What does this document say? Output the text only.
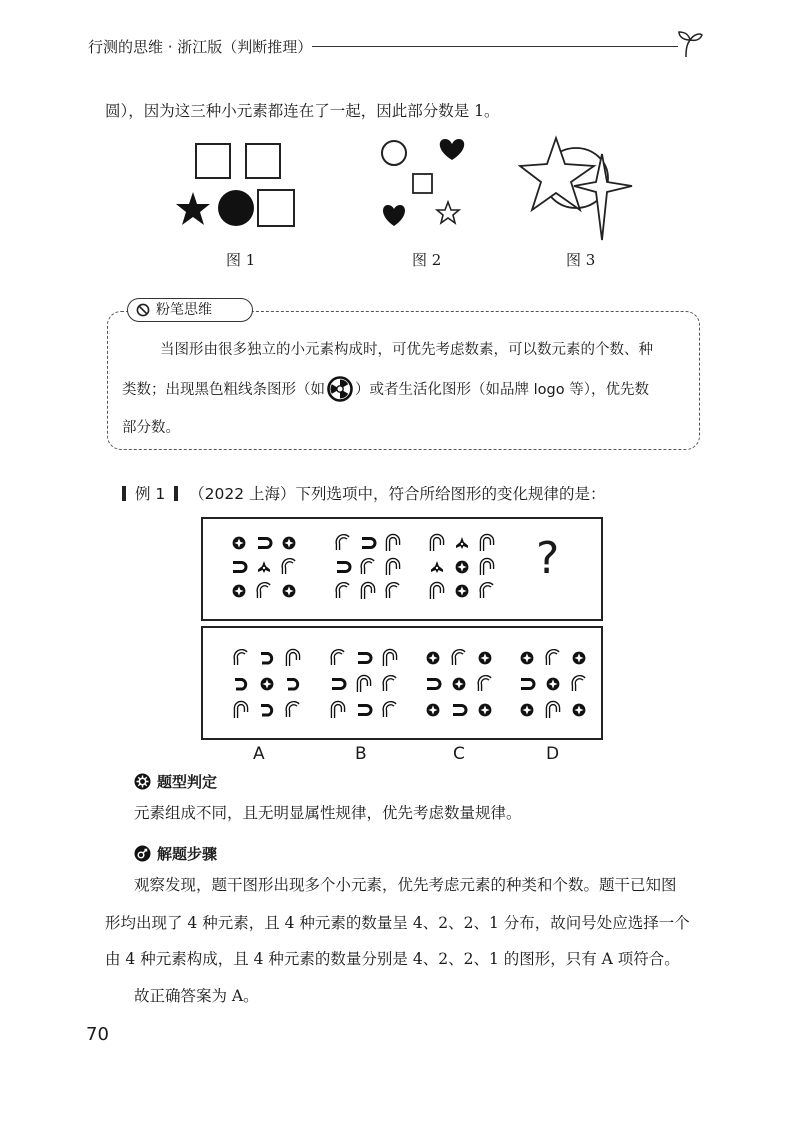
行测的思维 · 浙江版（判断推理）
圆），因为这三种小元素都连在了一起，因此部分数是 1。
图 1	图 2	图 3
粉笔思维
当图形由很多独立的小元素构成时，可优先考虑数素，可以数元素的个数、种
类数；出现黑色粗线条图形（如 ）或者生活化图形（如品牌 logo 等），优先数
部分数。
例 1 （2022 上海）下列选项中，符合所给图形的变化规律的是：
?
A	B	C	D
题型判定
元素组成不同，且无明显属性规律，优先考虑数量规律。
解题步骤
观察发现，题干图形出现多个小元素，优先考虑元素的种类和个数。题干已知图
形均出现了 4 种元素，且 4 种元素的数量呈 4、2、2、1 分布，故问号处应选择一个
由 4 种元素构成，且 4 种元素的数量分别是 4、2、2、1 的图形，只有 A 项符合。
故正确答案为 A。
70
